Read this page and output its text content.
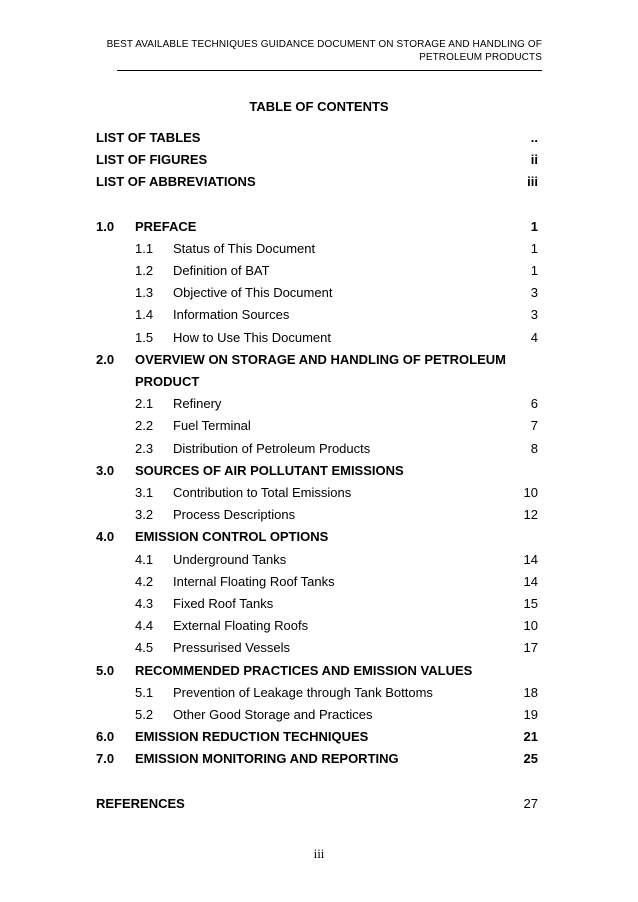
BEST AVAILABLE TECHNIQUES GUIDANCE DOCUMENT ON STORAGE AND HANDLING OF
PETROLEUM PRODUCTS
TABLE OF CONTENTS
LIST OF TABLES	..
LIST OF FIGURES	ii
LIST OF ABBREVIATIONS	iii
1.0 PREFACE	1
1.1 Status of This Document	1
1.2 Definition of BAT	1
1.3 Objective of This Document	3
1.4 Information Sources	3
1.5 How to Use This Document	4
2.0 OVERVIEW ON STORAGE AND HANDLING OF PETROLEUM
PRODUCT
2.1 Refinery	6
2.2 Fuel Terminal	7
2.3 Distribution of Petroleum Products	8
3.0 SOURCES OF AIR POLLUTANT EMISSIONS
3.1 Contribution to Total Emissions	10
3.2 Process Descriptions	12
4.0 EMISSION CONTROL OPTIONS
4.1 Underground Tanks	14
4.2 Internal Floating Roof Tanks	14
4.3 Fixed Roof Tanks	15
4.4 External Floating Roofs	10
4.5 Pressurised Vessels	17
5.0 RECOMMENDED PRACTICES AND EMISSION VALUES
5.1 Prevention of Leakage through Tank Bottoms	18
5.2 Other Good Storage and Practices	19
6.0 EMISSION REDUCTION TECHNIQUES	21
7.0 EMISSION MONITORING AND REPORTING	25
REFERENCES	27
iii
